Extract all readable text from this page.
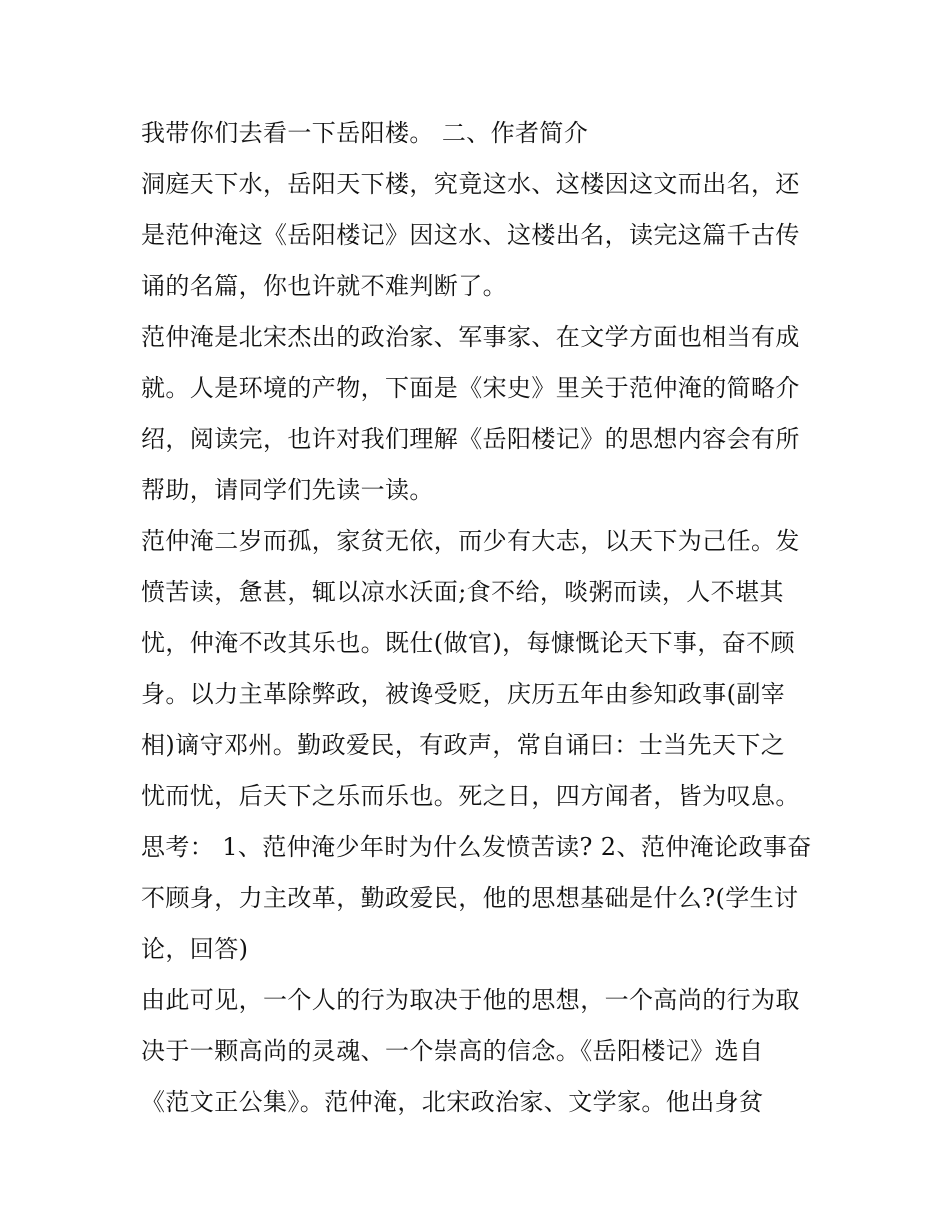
我带你们去看一下岳阳楼。 二、作者简介
洞庭天下水，岳阳天下楼，究竟这水、这楼因这文而出名，还
是范仲淹这《岳阳楼记》因这水、这楼出名，读完这篇千古传
诵的名篇，你也许就不难判断了。
范仲淹是北宋杰出的政治家、军事家、在文学方面也相当有成
就。人是环境的产物，下面是《宋史》里关于范仲淹的简略介
绍，阅读完，也许对我们理解《岳阳楼记》的思想内容会有所
帮助，请同学们先读一读。
范仲淹二岁而孤，家贫无依，而少有大志，以天下为己任。发
愤苦读，惫甚，辄以凉水沃面;食不给，啖粥而读，人不堪其
忧，仲淹不改其乐也。既仕(做官)，每慷慨论天下事，奋不顾
身。以力主革除弊政，被谗受贬，庆历五年由参知政事(副宰
相)谪守邓州。勤政爱民，有政声，常自诵曰：士当先天下之
忧而忧，后天下之乐而乐也。死之日，四方闻者，皆为叹息。
思考： 1、范仲淹少年时为什么发愤苦读? 2、范仲淹论政事奋
不顾身，力主改革，勤政爱民，他的思想基础是什么?(学生讨
论，回答)
由此可见，一个人的行为取决于他的思想，一个高尚的行为取
决于一颗高尚的灵魂、一个崇高的信念。《岳阳楼记》选自
《范文正公集》。范仲淹，北宋政治家、文学家。他出身贫
